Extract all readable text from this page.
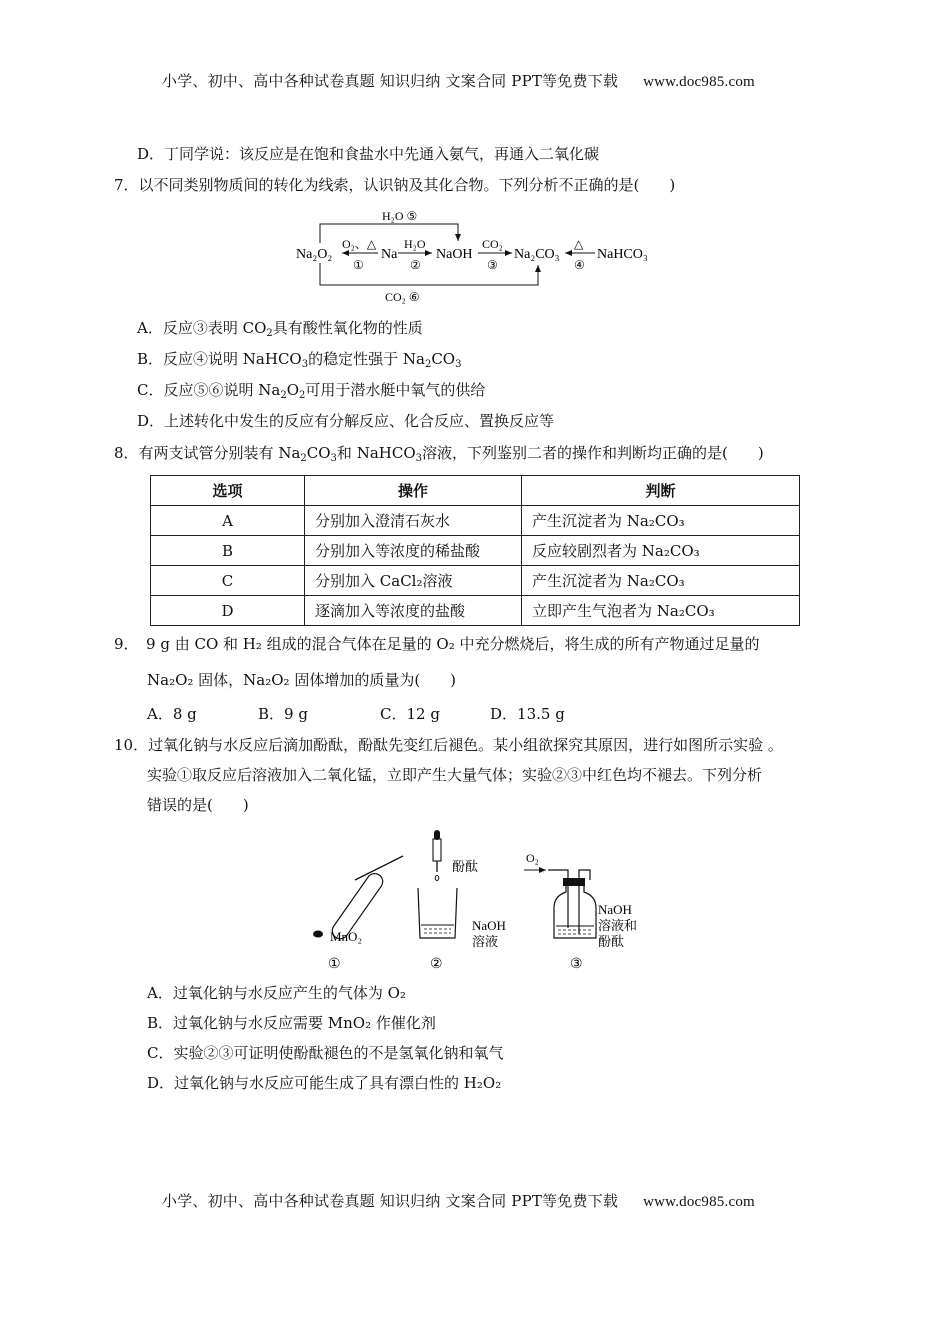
小学、初中、高中各种试卷真题 知识归纳 文案合同 PPT等免费下载 www.doc985.com
D．丁同学说：该反应是在饱和食盐水中先通入氨气，再通入二氧化碳
7．以不同类别物质间的转化为线索，认识钠及其化合物。下列分析不正确的是(　　)
Na₂O₂	Na	NaOH	Na₂CO₃	NaHCO₃
O₂、△
①
H₂O
②
CO₂
③
△
④
H₂O ⑤
CO₂ ⑥
A．反应③表明 $CO_2$具有酸性氧化物的性质
B．反应④说明 NaHCO$_3$的稳定性强于 $Na_2CO_3$
C．反应⑤⑥说明 $Na_2O_2$可用于潜水艇中氧气的供给
D．上述转化中发生的反应有分解反应、化合反应、置换反应等
8．有两支试管分别装有 $Na_2CO_3$和 NaHCO$_3$溶液，下列鉴别二者的操作和判断均正确的是(　　)
选项	操作	判断
A	分别加入澄清石灰水	产生沉淀者为 Na₂CO₃
B	分别加入等浓度的稀盐酸	反应较剧烈者为 Na₂CO₃
C	分别加入 CaCl₂溶液	产生沉淀者为 Na₂CO₃
D	逐滴加入等浓度的盐酸	立即产生气泡者为 Na₂CO₃
9．　9 g 由 CO 和 H₂ 组成的混合气体在足量的 O₂ 中充分燃烧后，将生成的所有产物通过足量的
Na₂O₂ 固体，Na₂O₂ 固体增加的质量为(　　)
A．8 g	B．9 g	C．12 g	D．13.5 g
10．过氧化钠与水反应后滴加酚酞，酚酞先变红后褪色。某小组欲探究其原因，进行如图所示实验 。
实验①取反应后溶液加入二氧化锰，立即产生大量气体；实验②③中红色均不褪去。下列分析
错误的是(　　)
MnO₂
①
酚酞
NaOH
溶液
②
O₂
NaOH
溶液和
酚酞
③
A．过氧化钠与水反应产生的气体为 O₂
B．过氧化钠与水反应需要 MnO₂ 作催化剂
C．实验②③可证明使酚酞褪色的不是氢氧化钠和氧气
D．过氧化钠与水反应可能生成了具有漂白性的 H₂O₂
小学、初中、高中各种试卷真题 知识归纳 文案合同 PPT等免费下载 www.doc985.com
